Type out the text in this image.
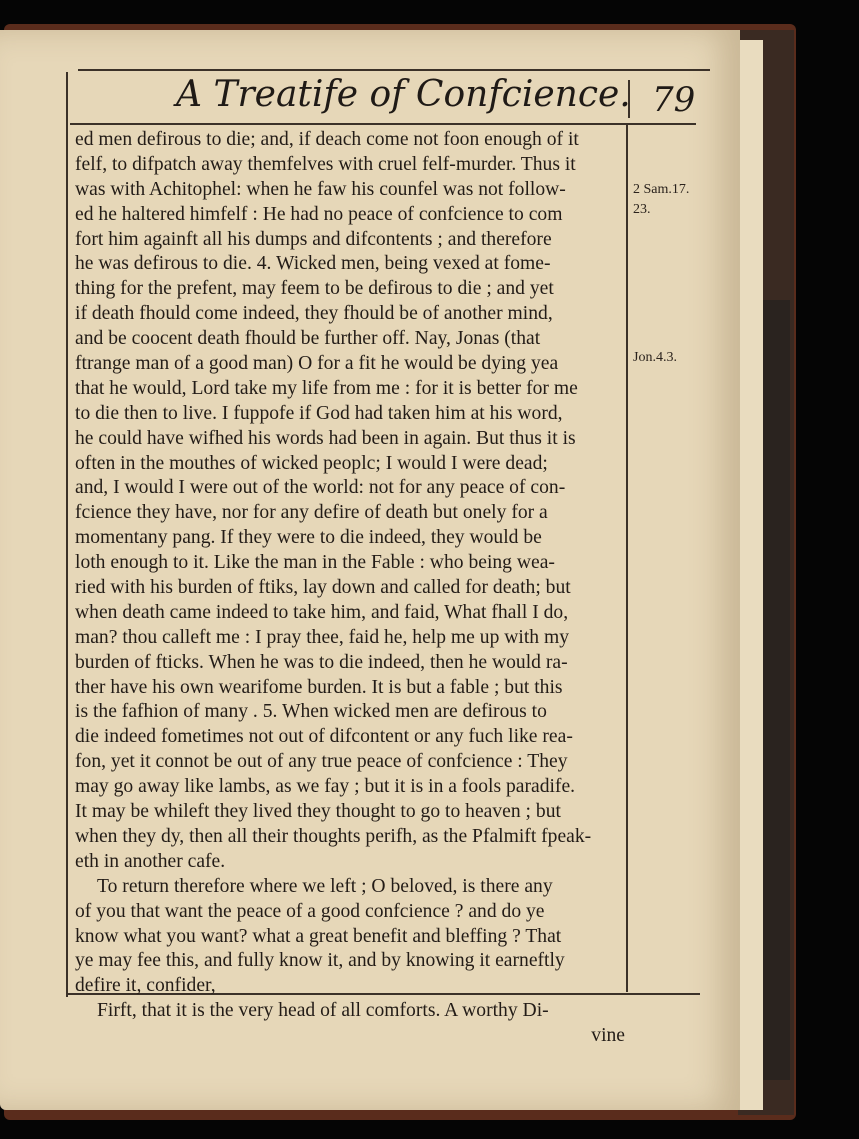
A Treatife of Confcience. 79
ed men defirous to die; and, if deach come not foon enough of it
felf, to difpatch away themfelves with cruel felf-murder. Thus it
was with Achitophel: when he faw his counfel was not follow-
ed he haltered himfelf : He had no peace of confcience to com
fort him againft all his dumps and difcontents ; and therefore
he was defirous to die. 4. Wicked men, being vexed at fome-
thing for the prefent, may feem to be defirous to die ; and yet
if death fhould come indeed, they fhould be of another mind,
and be coocent death fhould be further off. Nay, Jonas (that
ftrange man of a good man) O for a fit he would be dying yea
that he would, Lord take my life from me : for it is better for me
to die then to live. I fuppofe if God had taken him at his word,
he could have wifhed his words had been in again. But thus it is
often in the mouthes of wicked peoplc; I would I were dead;
and, I would I were out of the world: not for any peace of con-
fcience they have, nor for any defire of death but onely for a
momentany pang. If they were to die indeed, they would be
loth enough to it. Like the man in the Fable : who being wea-
ried with his burden of ftiks, lay down and called for death; but
when death came indeed to take him, and faid, What fhall I do,
man? thou calleft me : I pray thee, faid he, help me up with my
burden of fticks. When he was to die indeed, then he would ra-
ther have his own wearifome burden. It is but a fable ; but this
is the fafhion of many . 5. When wicked men are defirous to
die indeed fometimes not out of difcontent or any fuch like rea-
fon, yet it connot be out of any true peace of confcience : They
may go away like lambs, as we fay ; but it is in a fools paradife.
It may be whileft they lived they thought to go to heaven ; but
when they dy, then all their thoughts perifh, as the Pfalmift fpeak-
eth in another cafe.
To return therefore where we left ; O beloved, is there any
of you that want the peace of a good confcience ? and do ye
know what you want? what a great benefit and bleffing ? That
ye may fee this, and fully know it, and by knowing it earneftly
defire it, confider,
Firft, that it is the very head of all comforts. A worthy Di-
vine
2 Sam.17.
23.
Jon.4.3.
